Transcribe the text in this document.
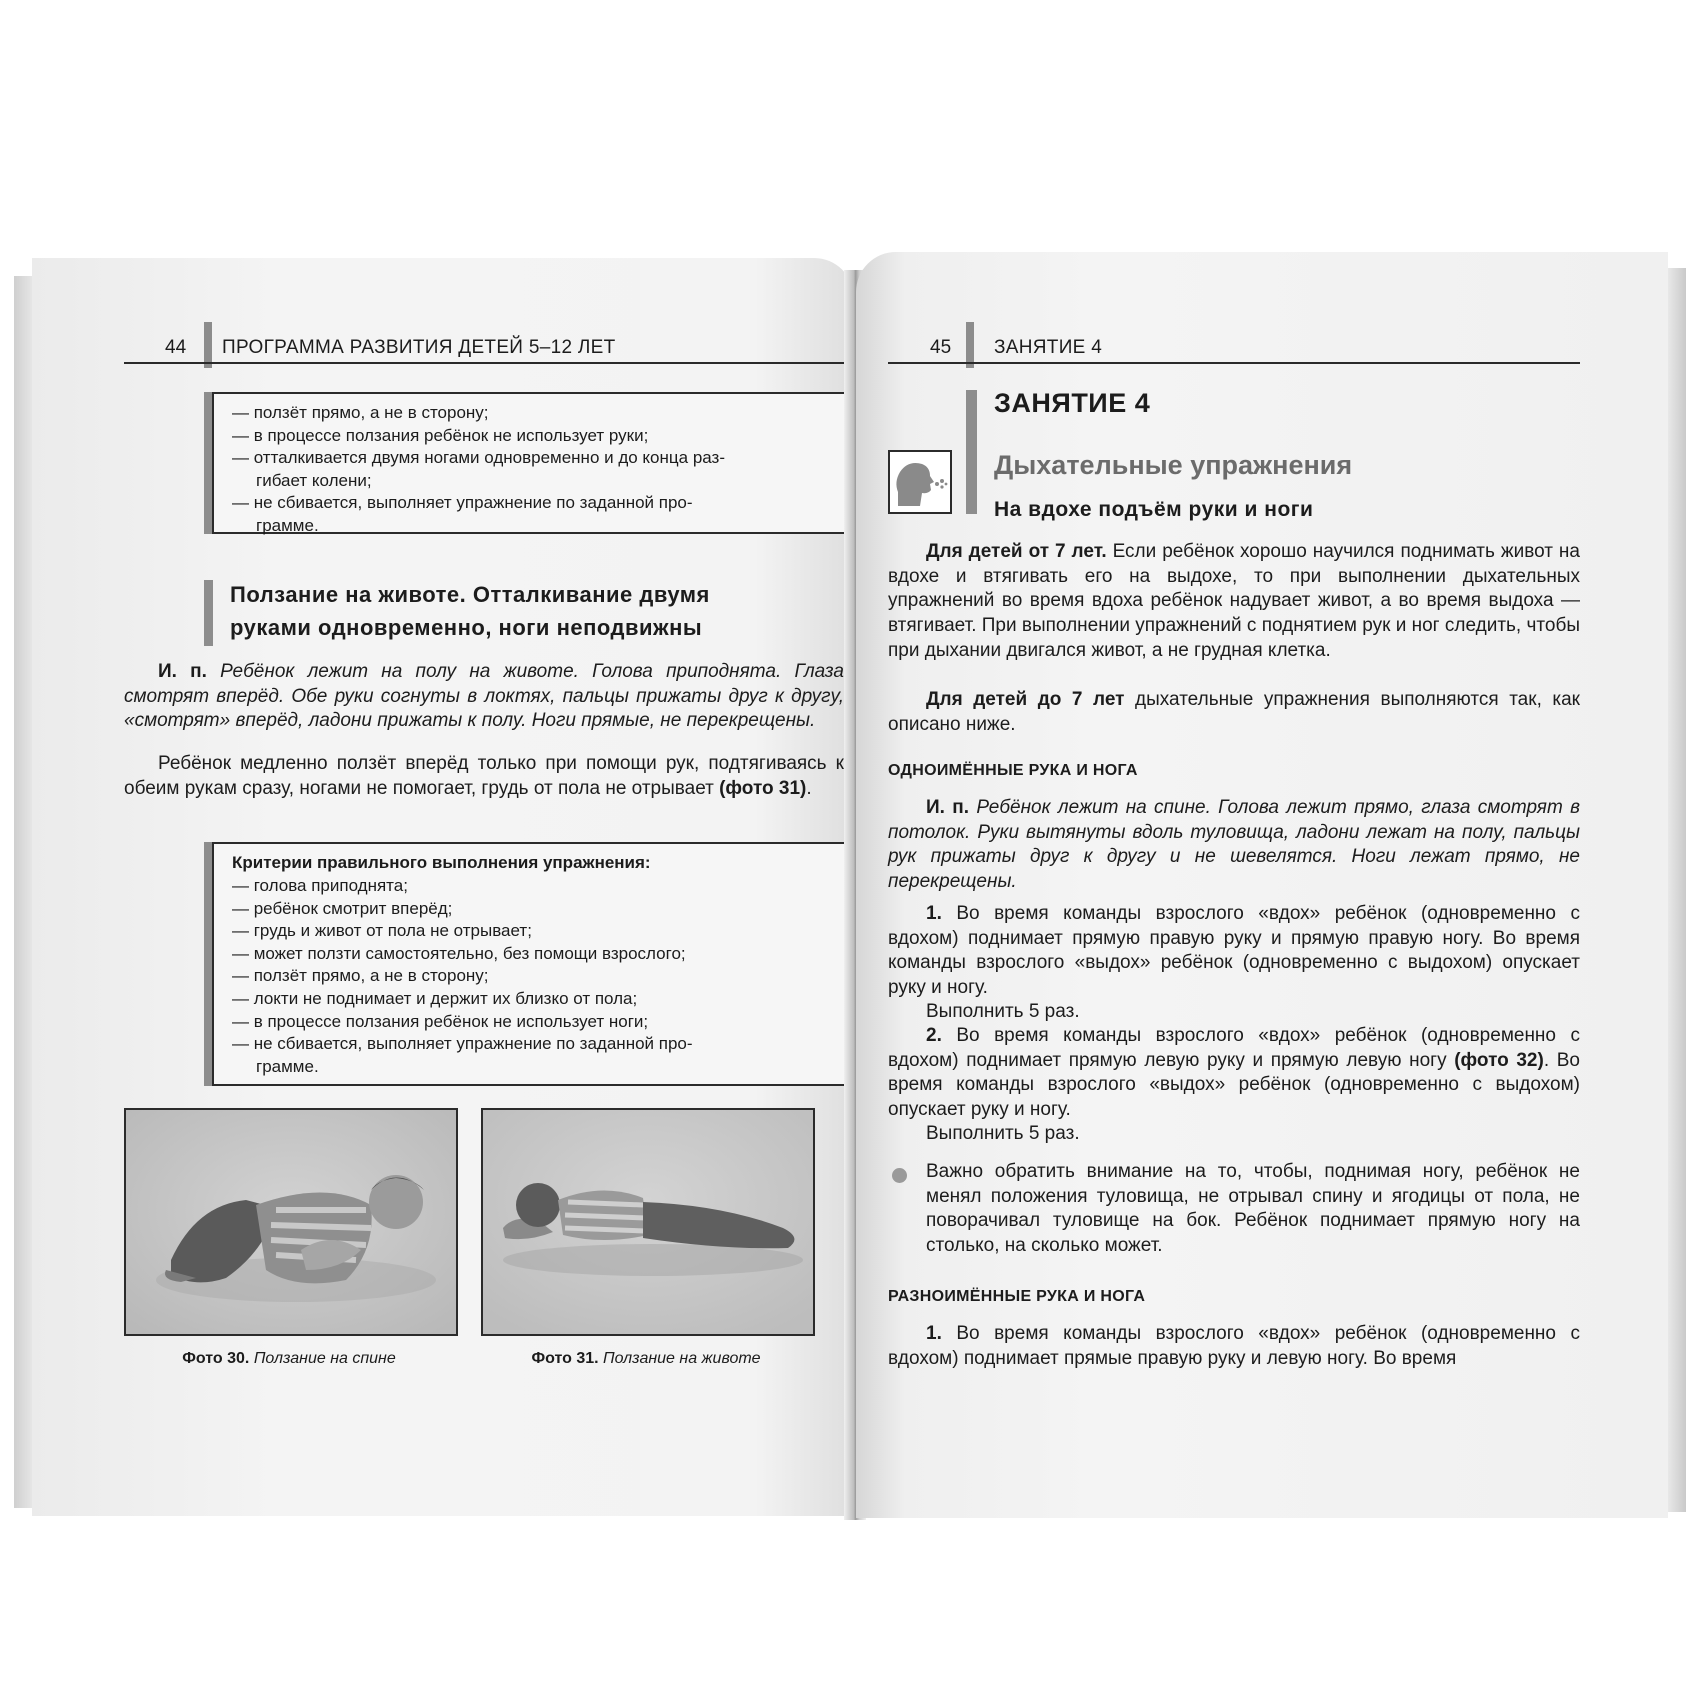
44 ПРОГРАММА РАЗВИТИЯ ДЕТЕЙ 5–12 ЛЕТ
— ползёт прямо, а не в сторону;
— в процессе ползания ребёнок не использует руки;
— отталкивается двумя ногами одновременно и до конца раз-
гибает колени;
— не сбивается, выполняет упражнение по заданной про-
грамме.
Ползание на животе. Отталкивание двумя
руками одновременно, ноги неподвижны
И. п. Ребёнок лежит на полу на животе. Голова приподнята. Глаза смотрят вперёд. Обе руки согнуты в локтях, пальцы прижаты друг к другу, «смотрят» вперёд, ладони прижаты к полу. Ноги прямые, не перекрещены.
Ребёнок медленно ползёт вперёд только при помощи рук, подтягиваясь к обеим рукам сразу, ногами не помогает, грудь от пола не отрывает (фото 31).
Критерии правильного выполнения упражнения:
— голова приподнята;
— ребёнок смотрит вперёд;
— грудь и живот от пола не отрывает;
— может ползти самостоятельно, без помощи взрослого;
— ползёт прямо, а не в сторону;
— локти не поднимает и держит их близко от пола;
— в процессе ползания ребёнок не использует ноги;
— не сбивается, выполняет упражнение по заданной про-
грамме.
Фото 30. Ползание на спине	Фото 31. Ползание на животе
45 ЗАНЯТИЕ 4
ЗАНЯТИЕ 4
Дыхательные упражнения
На вдохе подъём руки и ноги
Для детей от 7 лет. Если ребёнок хорошо научился поднимать живот на вдохе и втягивать его на выдохе, то при выполнении дыхательных упражнений во время вдоха ребёнок надувает живот, а во время выдоха — втягивает. При выполнении упражнений с поднятием рук и ног следить, чтобы при дыхании двигался живот, а не грудная клетка.
Для детей до 7 лет дыхательные упражнения выполняются так, как описано ниже.
ОДНОИМЁННЫЕ РУКА И НОГА
И. п. Ребёнок лежит на спине. Голова лежит прямо, глаза смотрят в потолок. Руки вытянуты вдоль туловища, ладони лежат на полу, пальцы рук прижаты друг к другу и не шевелятся. Ноги лежат прямо, не перекрещены.
1. Во время команды взрослого «вдох» ребёнок (одновременно с вдохом) поднимает прямую правую руку и прямую правую ногу. Во время команды взрослого «выдох» ребёнок (одновременно с выдохом) опускает руку и ногу.
Выполнить 5 раз.
2. Во время команды взрослого «вдох» ребёнок (одновременно с вдохом) поднимает прямую левую руку и прямую левую ногу (фото 32). Во время команды взрослого «выдох» ребёнок (одновременно с выдохом) опускает руку и ногу.
Выполнить 5 раз.
Важно обратить внимание на то, чтобы, поднимая ногу, ребёнок не менял положения туловища, не отрывал спину и ягодицы от пола, не поворачивал туловище на бок. Ребёнок поднимает прямую ногу на столько, на сколько может.
РАЗНОИМЁННЫЕ РУКА И НОГА
1. Во время команды взрослого «вдох» ребёнок (одновременно с вдохом) поднимает прямые правую руку и левую ногу. Во время
